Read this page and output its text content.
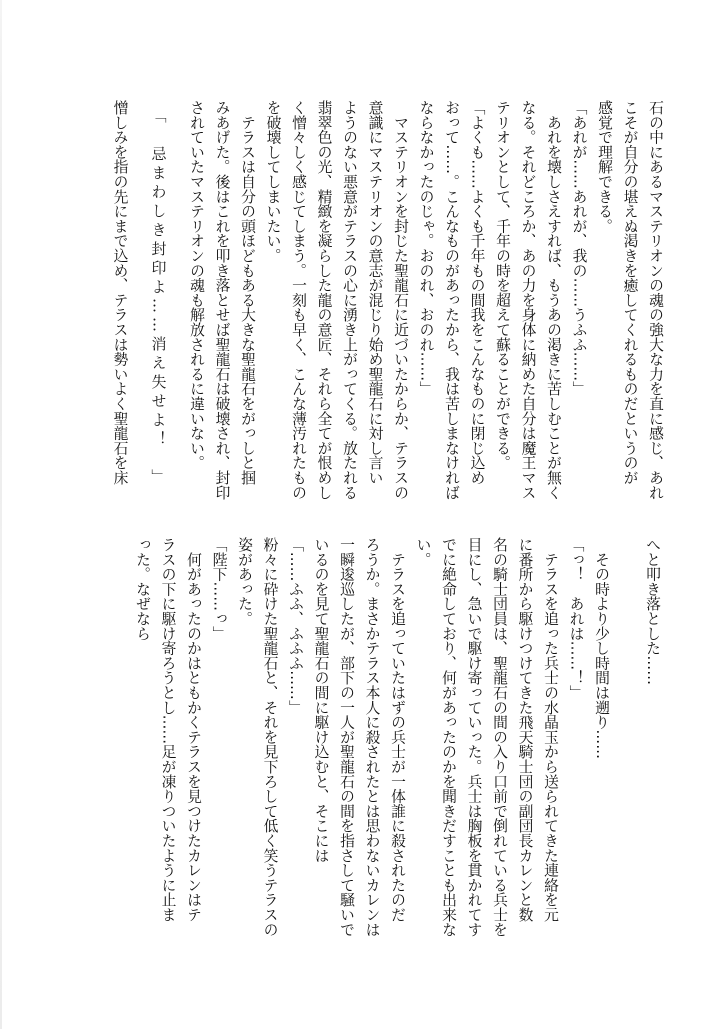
石の中にあるマステリオンの魂の強大な力を直に感じ、あれ
こそが自分の堪えぬ渇きを癒してくれるものだというのが
感覚で理解できる。
「あれが……あれが、我の……うふふ……」
　あれを壊しさえすれば、もうあの渇きに苦しむことが無く
なる。それどころか、あの力を身体に納めた自分は魔王マス
テリオンとして、千年の時を超えて蘇ることができる。
「よくも……よくも千年もの間我をこんなものに閉じ込め
おって……。こんなものがあったから、我は苦しまなければ
ならなかったのじゃ。おのれ、おのれ……」
　マステリオンを封じた聖龍石に近づいたからか、テラスの
意識にマステリオンの意志が混じり始め聖龍石に対し言い
ようのない悪意がテラスの心に湧き上がってくる。放たれる
翡翠色の光、精緻を凝らした龍の意匠、それら全てが恨めし
く憎々しく感じてしまう。一刻も早く、こんな薄汚れたもの
を破壊してしまいたい。
　テラスは自分の頭ほどもある大きな聖龍石をがっしと掴
みあげた。後はこれを叩き落とせば聖龍石は破壊され、封印
されていたマステリオンの魂も解放されるに違いない。
「　忌まわしき封印よ……消え失せよ！　」
憎しみを指の先にまで込め、テラスは勢いよく聖龍石を床
へと叩き落とした……
　その時より少し時間は遡り……
「っ！　あれは……！」
　テラスを追った兵士の水晶玉から送られてきた連絡を元
に番所から駆けつけてきた飛天騎士団の副団長カレンと数
名の騎士団員は、聖龍石の間の入り口前で倒れている兵士を
目にし、急いで駆け寄っていった。兵士は胸板を貫かれてす
でに絶命しており、何があったのかを聞きだすことも出来な
い。
　テラスを追っていたはずの兵士が一体誰に殺されたのだ
ろうか。まさかテラス本人に殺されたとは思わないカレンは
一瞬逡巡したが、部下の一人が聖龍石の間を指さして騒いで
いるのを見て聖龍石の間に駆け込むと、そこには
「……ふふ、ふふふ……」
粉々に砕けた聖龍石と、それを見下ろして低く笑うテラスの
姿があった。
「陛下……っ」
　何があったのかはともかくテラスを見つけたカレンはテ
ラスの下に駆け寄ろうとし……足が凍りついたように止ま
った。なぜなら
